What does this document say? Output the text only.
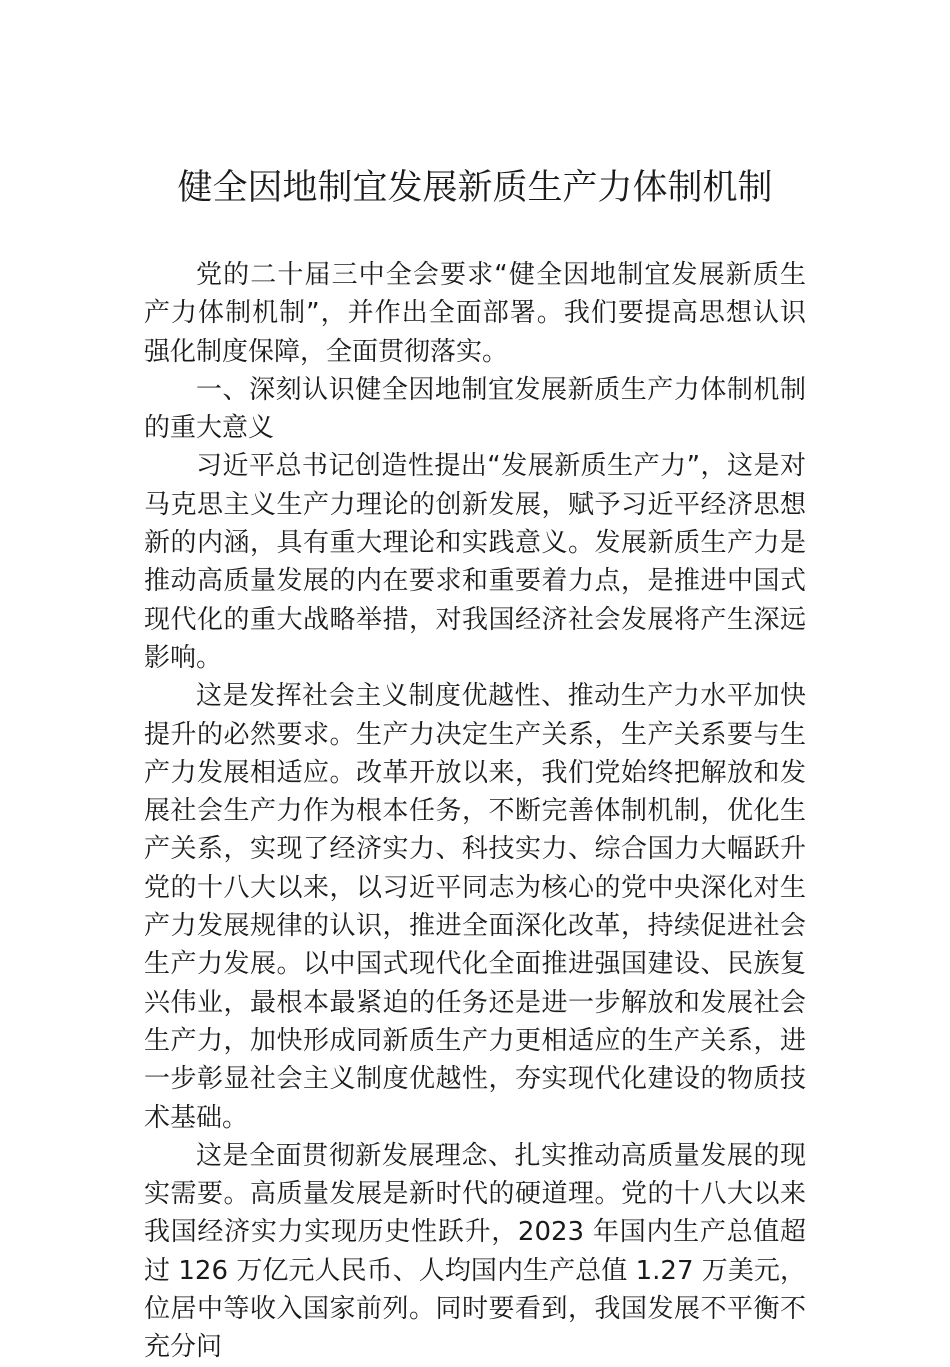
健全因地制宜发展新质生产力体制机制

党的二十届三中全会要求“健全因地制宜发展新质生产力体制机制”，并作出全面部署。我们要提高思想认识强化制度保障，全面贯彻落实。

一、深刻认识健全因地制宜发展新质生产力体制机制的重大意义

习近平总书记创造性提出“发展新质生产力”，这是对马克思主义生产力理论的创新发展，赋予习近平经济思想新的内涵，具有重大理论和实践意义。发展新质生产力是推动高质量发展的内在要求和重要着力点，是推进中国式现代化的重大战略举措，对我国经济社会发展将产生深远影响。

这是发挥社会主义制度优越性、推动生产力水平加快提升的必然要求。生产力决定生产关系，生产关系要与生产力发展相适应。改革开放以来，我们党始终把解放和发展社会生产力作为根本任务，不断完善体制机制，优化生产关系，实现了经济实力、科技实力、综合国力大幅跃升党的十八大以来，以习近平同志为核心的党中央深化对生产力发展规律的认识，推进全面深化改革，持续促进社会生产力发展。以中国式现代化全面推进强国建设、民族复兴伟业，最根本最紧迫的任务还是进一步解放和发展社会生产力，加快形成同新质生产力更相适应的生产关系，进一步彰显社会主义制度优越性，夯实现代化建设的物质技术基础。

这是全面贯彻新发展理念、扎实推动高质量发展的现实需要。高质量发展是新时代的硬道理。党的十八大以来我国经济实力实现历史性跃升，2023 年国内生产总值超过 126 万亿元人民币、人均国内生产总值 1.27 万美元，位居中等收入国家前列。同时要看到，我国发展不平衡不充分问
